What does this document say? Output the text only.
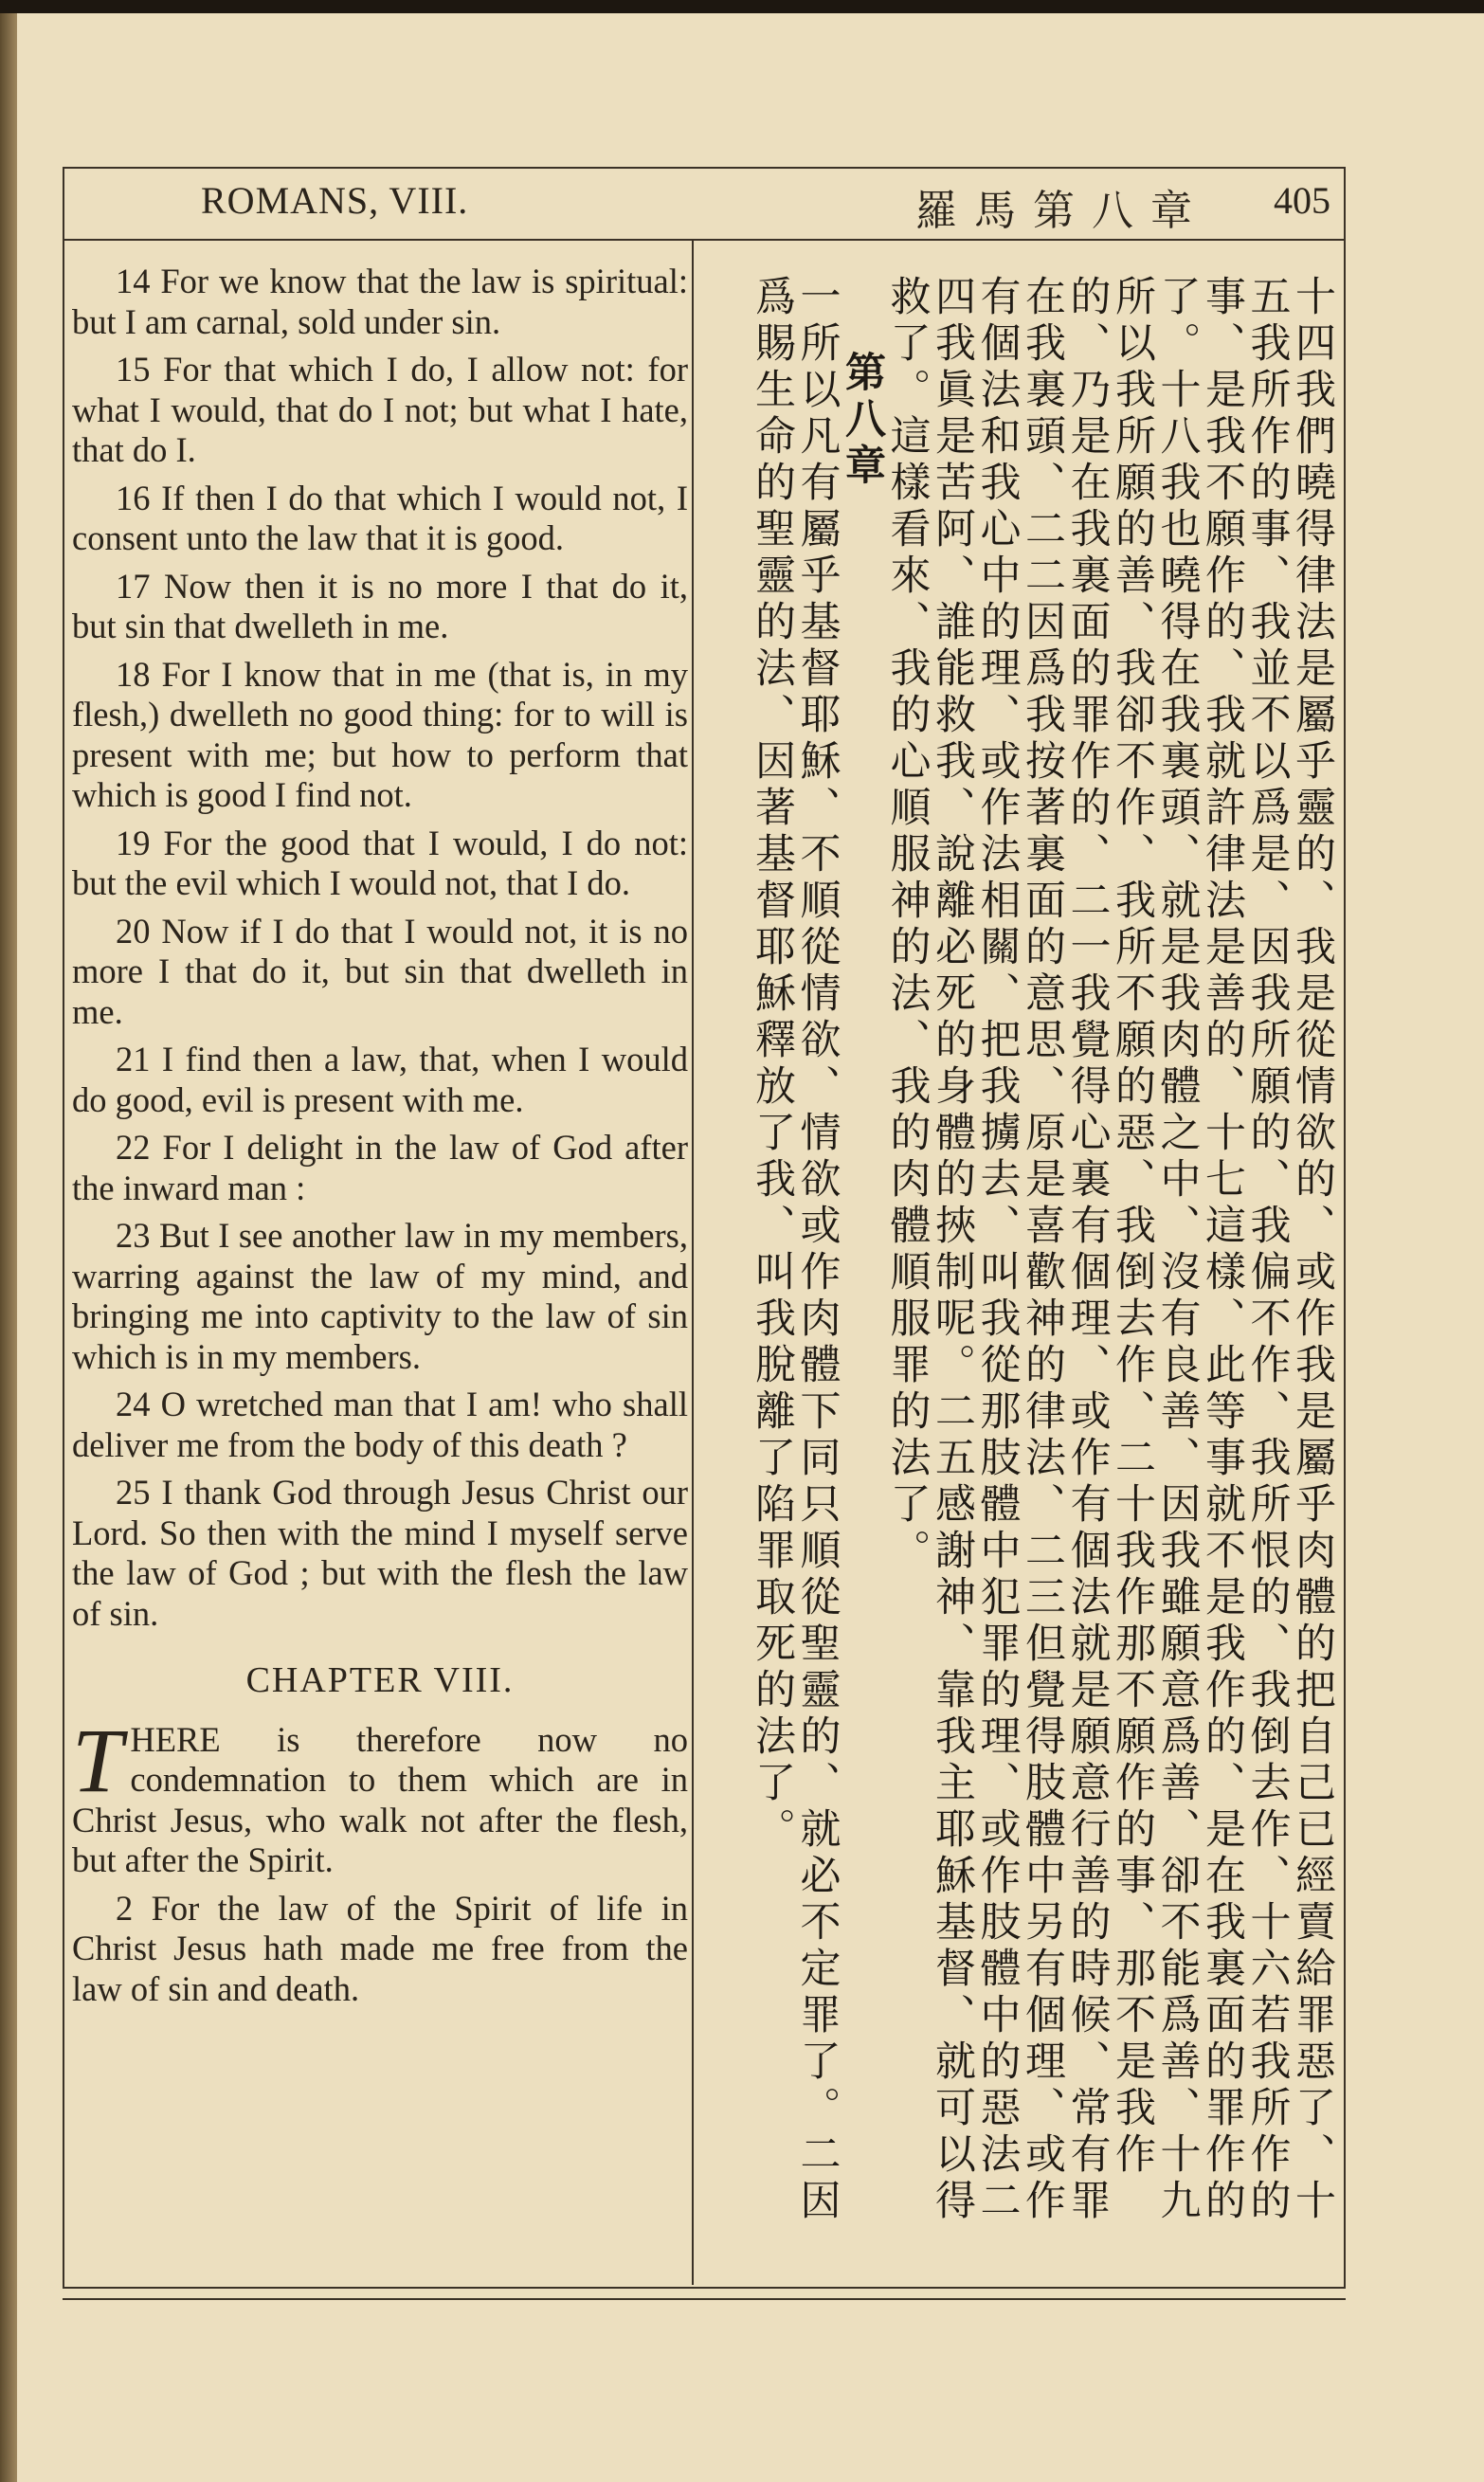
ROMANS, VIII.	羅馬第八章 405

14 For we know that the law is spiritual: but I am carnal, sold under sin.

15 For that which I do, I allow not: for what I would, that do I not; but what I hate, that do I.

16 If then I do that which I would not, I consent unto the law that it is good.

17 Now then it is no more I that do it, but sin that dwelleth in me.

18 For I know that in me (that is, in my flesh,) dwelleth no good thing: for to will is present with me; but how to perform that which is good I find not.

19 For the good that I would, I do not: but the evil which I would not, that I do.

20 Now if I do that I would not, it is no more I that do it, but sin that dwelleth in me.

21 I find then a law, that, when I would do good, evil is present with me.

22 For I delight in the law of God after the inward man :

23 But I see another law in my members, warring against the law of my mind, and bringing me into captivity to the law of sin which is in my members.

24 O wretched man that I am! who shall deliver me from the body of this death ?

25 I thank God through Jesus Christ our Lord. So then with the mind I myself serve the law of God ; but with the flesh the law of sin.

CHAPTER VIII.

THERE is therefore now no condemnation to them which are in Christ Jesus, who walk not after the flesh, but after the Spirit.

2 For the law of the Spirit of life in Christ Jesus hath made me free from the law of sin and death.	十四我們曉得律法是屬乎靈的、我是從情欲的、或作我是屬乎肉體的把自己已經賣給罪惡了、十五我所作的事、我並不以爲是、因我所願的、我偏不作、我所恨的、我倒去作、十六若我所作的事、是我不願作的、我就許律法是善的、十七這樣、此等事就不是我作的、是在我裏面的罪作的了。十八我也曉得在我裏頭、就是我肉體之中、沒有良善、因我雖願意爲善、卻不能爲善、十九所以我所願的善、我卻不作、我所不願的惡、我倒去作、二十我作那不願作的事、那不是我作的、乃是在我裏面的罪作的、二一我覺得心裏有個理、或作有個法就是願意行善的時候、常有罪在我裏頭、二二因爲我按著裏面的意思、原是喜歡神的律法、二三但覺得肢體中另有個理、或作有個法和我心中的理、或作法相關、把我擄去、叫我從那肢體中犯罪的理、或作肢體中的惡法二四我眞是苦阿、誰能救我、說離必死的身體的挾制呢。二五感謝神、靠我主耶穌基督、就可以得救了。這樣看來、我的心順服神的法、我的肉體順服罪的法了。

第八章

一所以凡有屬乎基督耶穌、不順從情欲、情欲或作肉體下同只順從聖靈的、就必不定罪了。二因爲賜生命的聖靈的法、因著基督耶穌釋放了我、叫我脫離了陷罪取死的法了。
